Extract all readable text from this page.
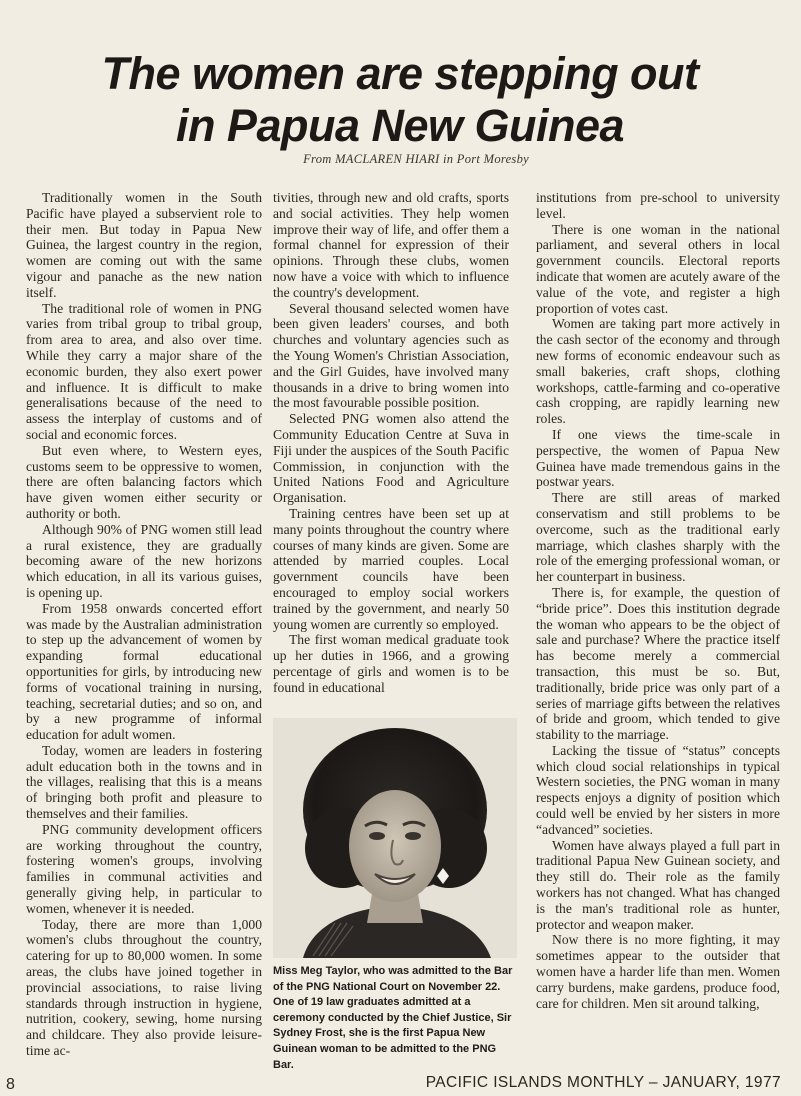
The women are stepping out
in Papua New Guinea
From MACLAREN HIARI in Port Moresby

Traditionally women in the South Pacific have played a subservient role to their men. But today in Papua New Guinea, the largest country in the region, women are coming out with the same vigour and panache as the new nation itself.

The traditional role of women in PNG varies from tribal group to tribal group, from area to area, and also over time. While they carry a major share of the economic burden, they also exert power and influence. It is difficult to make generalisations because of the need to assess the interplay of customs and of social and economic forces.

But even where, to Western eyes, customs seem to be oppressive to women, there are often balancing factors which have given women either security or authority or both.

Although 90% of PNG women still lead a rural existence, they are gradually becoming aware of the new horizons which education, in all its various guises, is opening up.

From 1958 onwards concerted effort was made by the Australian administration to step up the advancement of women by expanding formal educational opportunities for girls, by introducing new forms of vocational training in nursing, teaching, secretarial duties; and so on, and by a new programme of informal education for adult women.

Today, women are leaders in fostering adult education both in the towns and in the villages, realising that this is a means of bringing both profit and pleasure to themselves and their families.

PNG community development officers are working throughout the country, fostering women's groups, involving families in communal activities and generally giving help, in particular to women, whenever it is needed.

Today, there are more than 1,000 women's clubs throughout the country, catering for up to 80,000 women. In some areas, the clubs have joined together in provincial associations, to raise living standards through instruction in hygiene, nutrition, cookery, sewing, home nursing and childcare. They also provide leisure-time ac-

tivities, through new and old crafts, sports and social activities. They help women improve their way of life, and offer them a formal channel for expression of their opinions. Through these clubs, women now have a voice with which to influence the country's development.

Several thousand selected women have been given leaders' courses, and both churches and voluntary agencies such as the Young Women's Christian Association, and the Girl Guides, have involved many thousands in a drive to bring women into the most favourable possible position.

Selected PNG women also attend the Community Education Centre at Suva in Fiji under the auspices of the South Pacific Commission, in conjunction with the United Nations Food and Agriculture Organisation.

Training centres have been set up at many points throughout the country where courses of many kinds are given. Some are attended by married couples. Local government councils have been encouraged to employ social workers trained by the government, and nearly 50 young women are currently so employed.

The first woman medical graduate took up her duties in 1966, and a growing percentage of girls and women is to be found in educational

Miss Meg Taylor, who was admitted to the Bar of the PNG National Court on November 22. One of 19 law graduates admitted at a ceremony conducted by the Chief Justice, Sir Sydney Frost, she is the first Papua New Guinean woman to be admitted to the PNG Bar.

institutions from pre-school to university level.

There is one woman in the national parliament, and several others in local government councils. Electoral reports indicate that women are acutely aware of the value of the vote, and register a high proportion of votes cast.

Women are taking part more actively in the cash sector of the economy and through new forms of economic endeavour such as small bakeries, craft shops, clothing workshops, cattle-farming and co-operative cash cropping, are rapidly learning new roles.

If one views the time-scale in perspective, the women of Papua New Guinea have made tremendous gains in the postwar years.

There are still areas of marked conservatism and still problems to be overcome, such as the traditional early marriage, which clashes sharply with the role of the emerging professional woman, or her counterpart in business.

There is, for example, the question of “bride price”. Does this institution degrade the woman who appears to be the object of sale and purchase? Where the practice itself has become merely a commercial transaction, this must be so. But, traditionally, bride price was only part of a series of marriage gifts between the relatives of bride and groom, which tended to give stability to the marriage.

Lacking the tissue of “status” concepts which cloud social relationships in typical Western societies, the PNG woman in many respects enjoys a dignity of position which could well be envied by her sisters in more “advanced” societies.

Women have always played a full part in traditional Papua New Guinean society, and they still do. Their role as the family workers has not changed. What has changed is the man's traditional role as hunter, protector and weapon maker.

Now there is no more fighting, it may sometimes appear to the outsider that women have a harder life than men. Women carry burdens, make gardens, produce food, care for children. Men sit around talking,

8	PACIFIC ISLANDS MONTHLY – JANUARY, 1977
